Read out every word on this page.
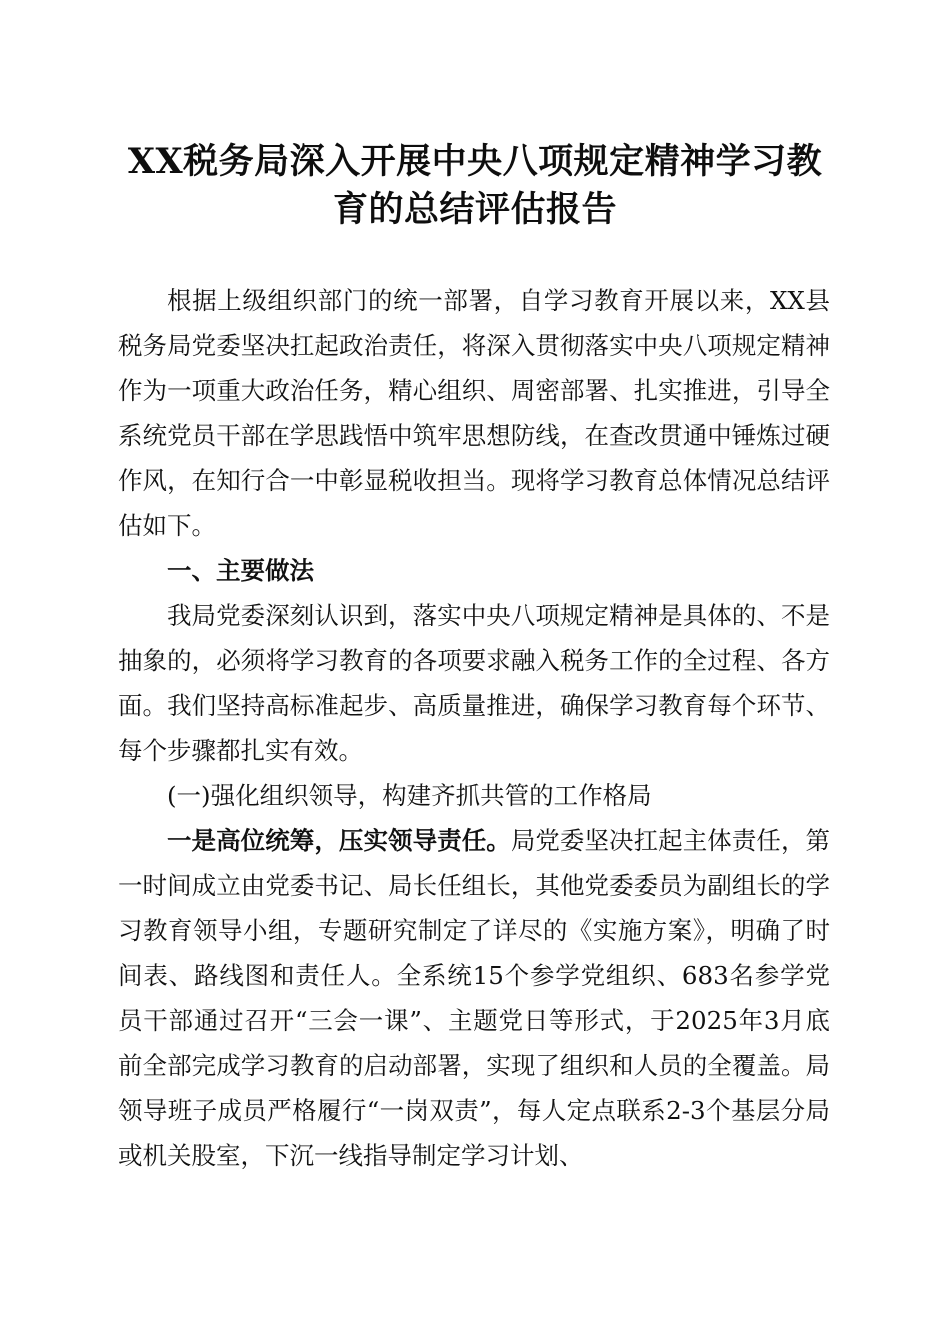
XX税务局深入开展中央八项规定精神学习教
育的总结评估报告

根据上级组织部门的统一部署，自学习教育开展以来，XX县税务局党委坚决扛起政治责任，将深入贯彻落实中央八项规定精神作为一项重大政治任务，精心组织、周密部署、扎实推进，引导全系统党员干部在学思践悟中筑牢思想防线，在查改贯通中锤炼过硬作风，在知行合一中彰显税收担当。现将学习教育总体情况总结评估如下。

一、主要做法

我局党委深刻认识到，落实中央八项规定精神是具体的、不是抽象的，必须将学习教育的各项要求融入税务工作的全过程、各方面。我们坚持高标准起步、高质量推进，确保学习教育每个环节、每个步骤都扎实有效。

(一)强化组织领导，构建齐抓共管的工作格局

一是高位统筹，压实领导责任。局党委坚决扛起主体责任，第一时间成立由党委书记、局长任组长，其他党委委员为副组长的学习教育领导小组，专题研究制定了详尽的《实施方案》，明确了时间表、路线图和责任人。全系统15个参学党组织、683名参学党员干部通过召开“三会一课”、主题党日等形式，于2025年3月底前全部完成学习教育的启动部署，实现了组织和人员的全覆盖。局领导班子成员严格履行“一岗双责”，每人定点联系2-3个基层分局或机关股室，下沉一线指导制定学习计划、
